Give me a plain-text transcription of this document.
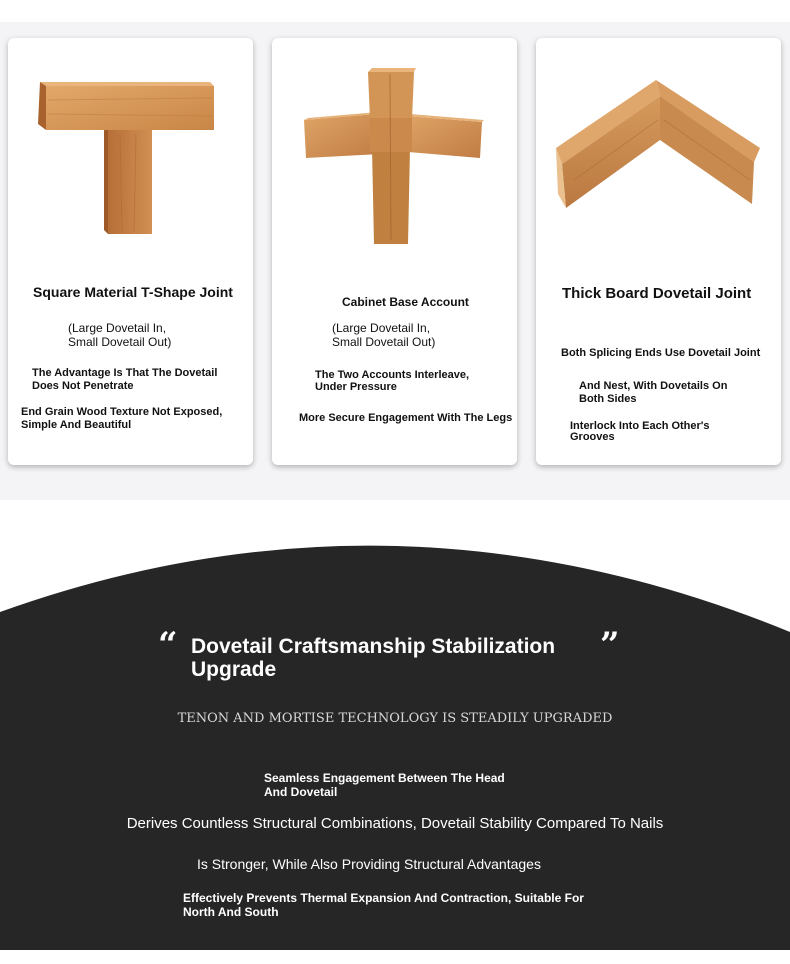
Square Material T-Shape Joint

(Large Dovetail In, Small Dovetail Out)

The Advantage Is That The Dovetail Does Not Penetrate

End Grain Wood Texture Not Exposed, Simple And Beautiful

Cabinet Base Account

(Large Dovetail In, Small Dovetail Out)

The Two Accounts Interleave, Under Pressure

More Secure Engagement With The Legs

Thick Board Dovetail Joint

Both Splicing Ends Use Dovetail Joint

And Nest, With Dovetails On Both Sides

Interlock Into Each Other's Grooves

“	”
Dovetail Craftsmanship Stabilization Upgrade
TENON AND MORTISE TECHNOLOGY IS STEADILY UPGRADED
Seamless Engagement Between The Head And Dovetail
Derives Countless Structural Combinations, Dovetail Stability Compared To Nails
Is Stronger, While Also Providing Structural Advantages
Effectively Prevents Thermal Expansion And Contraction, Suitable For North And South
